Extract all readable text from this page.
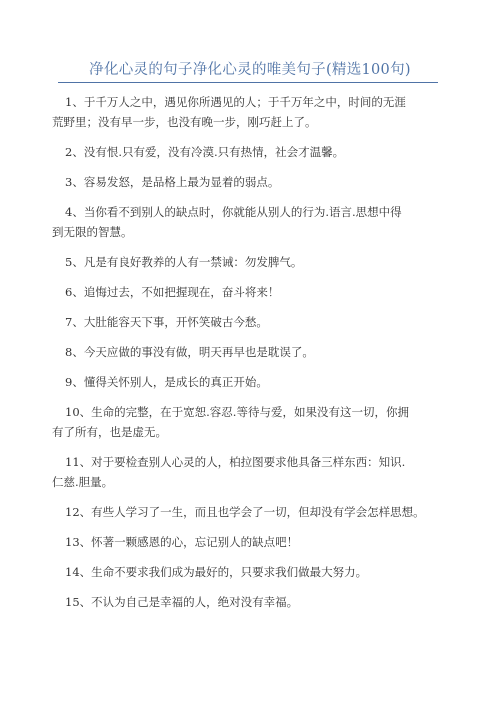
净化心灵的句子净化心灵的唯美句子(精选100句)

1、于千万人之中，遇见你所遇见的人；于千万年之中，时间的无涯
荒野里；没有早一步，也没有晚一步，刚巧赶上了。

2、没有恨.只有爱，没有冷漠.只有热情，社会才温馨。

3、容易发怒，是品格上最为显着的弱点。

4、当你看不到别人的缺点时，你就能从别人的行为.语言.思想中得
到无限的智慧。

5、凡是有良好教养的人有一禁诫：勿发脾气。

6、追悔过去，不如把握现在，奋斗将来！

7、大肚能容天下事，开怀笑破古今愁。

8、今天应做的事没有做，明天再早也是耽误了。

9、懂得关怀别人，是成长的真正开始。

10、生命的完整，在于宽恕.容忍.等待与爱，如果没有这一切，你拥
有了所有，也是虚无。

11、对于要检查别人心灵的人，柏拉图要求他具备三样东西：知识.
仁慈.胆量。

12、有些人学习了一生，而且也学会了一切，但却没有学会怎样思想。

13、怀著一颗感恩的心，忘记别人的缺点吧！

14、生命不要求我们成为最好的，只要求我们做最大努力。

15、不认为自己是幸福的人，绝对没有幸福。
